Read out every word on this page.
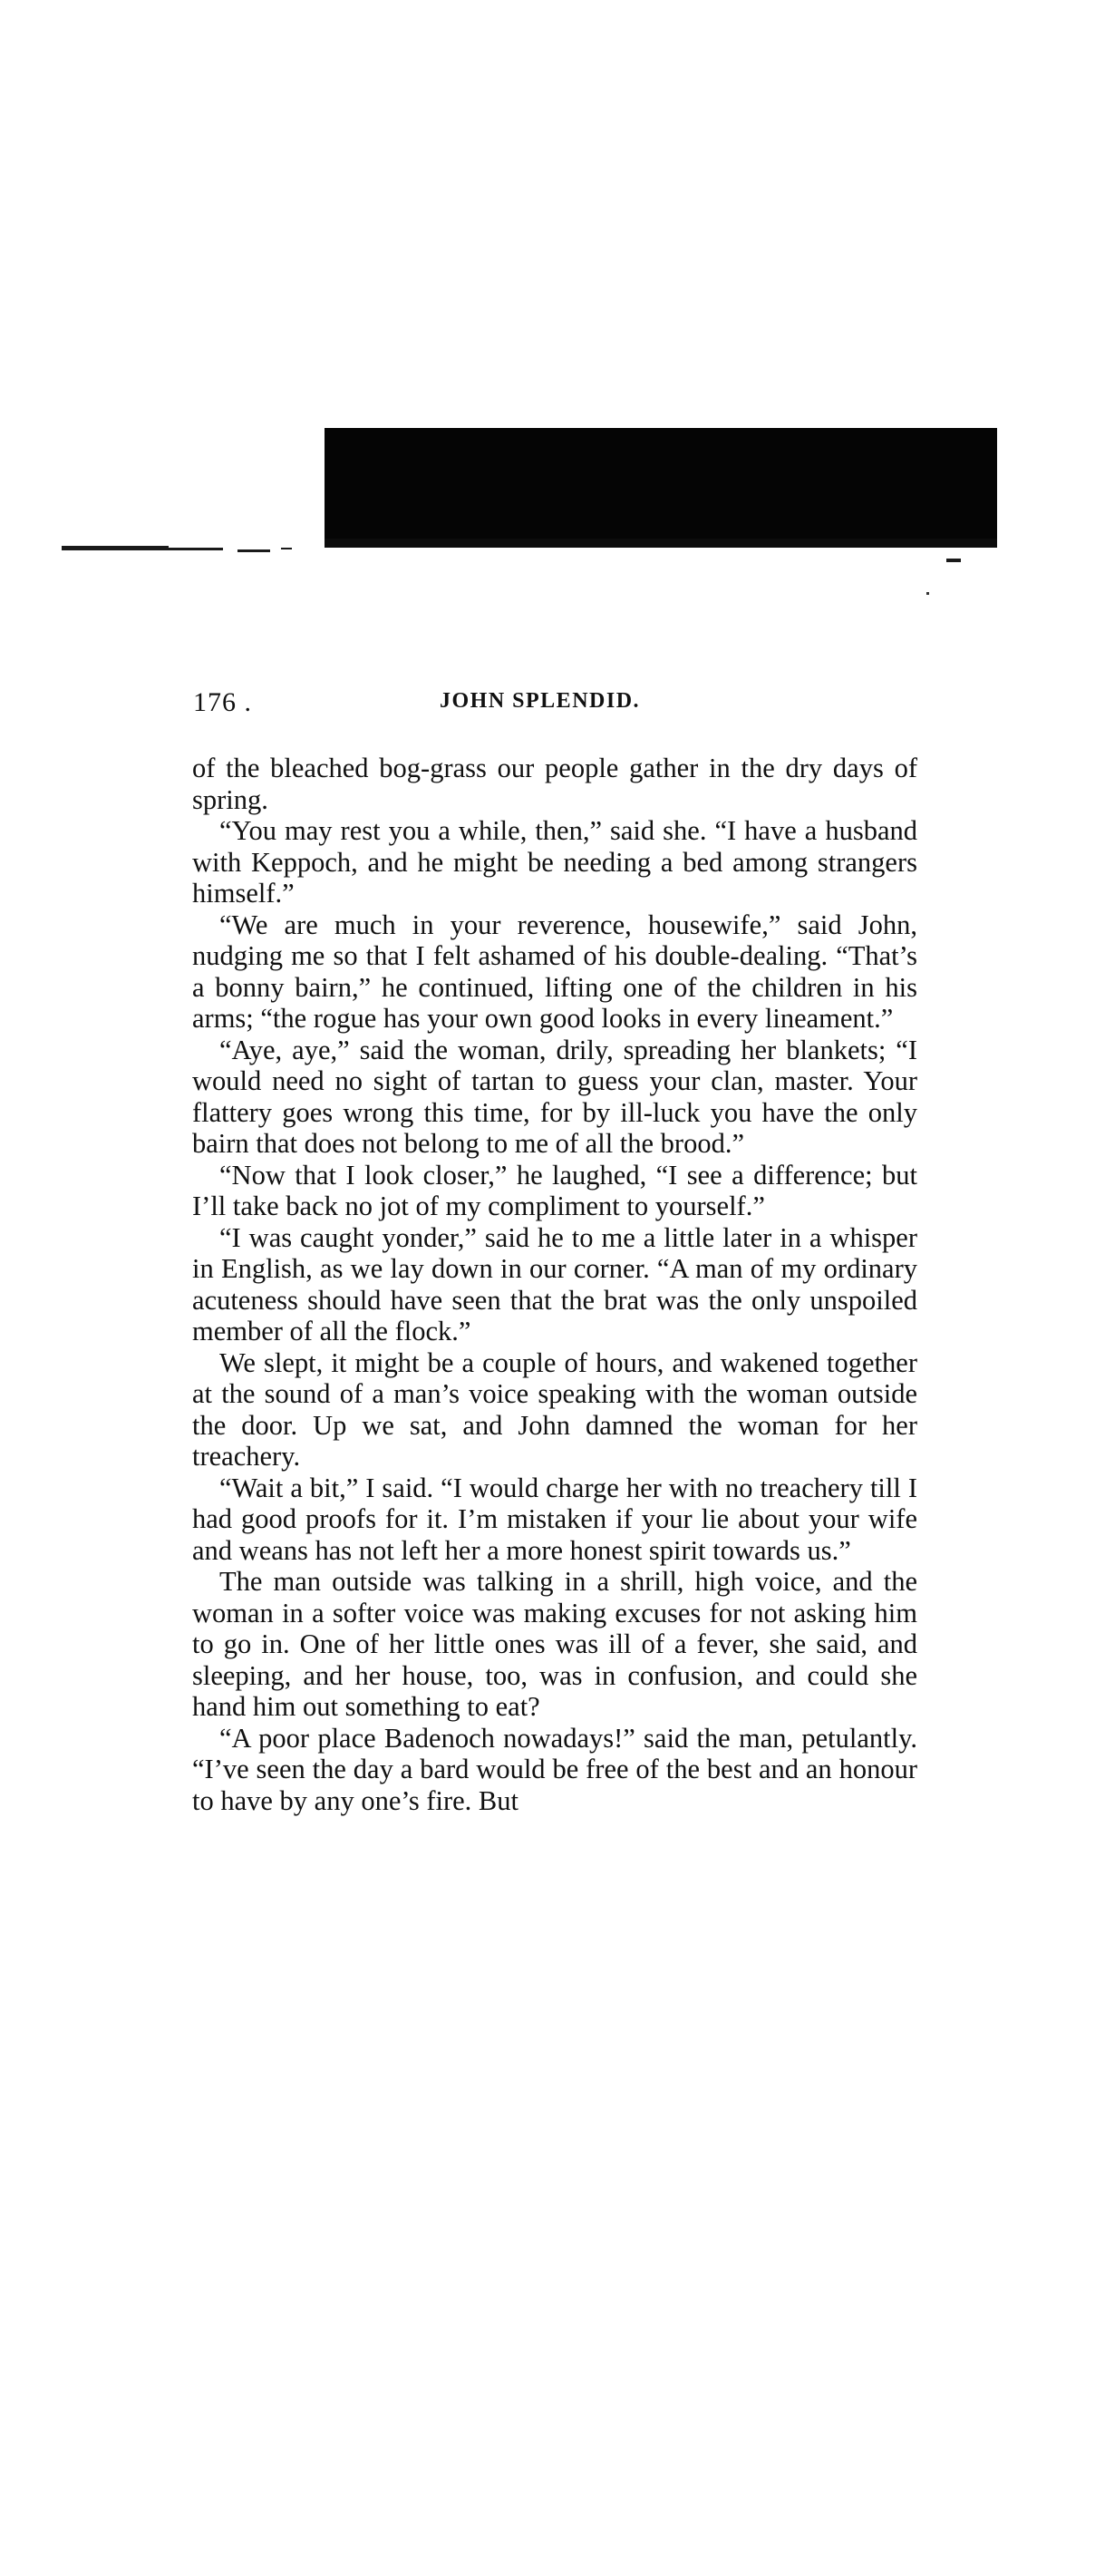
176 .	JOHN SPLENDID.

of the bleached bog-grass our people gather in the dry days of spring.

“You may rest you a while, then,” said she. “I have a husband with Keppoch, and he might be needing a bed among strangers himself.”

“We are much in your reverence, housewife,” said John, nudging me so that I felt ashamed of his double-dealing. “That’s a bonny bairn,” he continued, lifting one of the children in his arms; “the rogue has your own good looks in every lineament.”

“Aye, aye,” said the woman, drily, spreading her blankets; “I would need no sight of tartan to guess your clan, master. Your flattery goes wrong this time, for by ill-luck you have the only bairn that does not belong to me of all the brood.”

“Now that I look closer,” he laughed, “I see a difference; but I’ll take back no jot of my compliment to yourself.”

“I was caught yonder,” said he to me a little later in a whisper in English, as we lay down in our corner. “A man of my ordinary acuteness should have seen that the brat was the only unspoiled member of all the flock.”

We slept, it might be a couple of hours, and wakened together at the sound of a man’s voice speaking with the woman outside the door. Up we sat, and John damned the woman for her treachery.

“Wait a bit,” I said. “I would charge her with no treachery till I had good proofs for it. I’m mistaken if your lie about your wife and weans has not left her a more honest spirit towards us.”

The man outside was talking in a shrill, high voice, and the woman in a softer voice was making excuses for not asking him to go in. One of her little ones was ill of a fever, she said, and sleeping, and her house, too, was in confusion, and could she hand him out something to eat?

“A poor place Badenoch nowadays!” said the man, petulantly. “I’ve seen the day a bard would be free of the best and an honour to have by any one’s fire. But
